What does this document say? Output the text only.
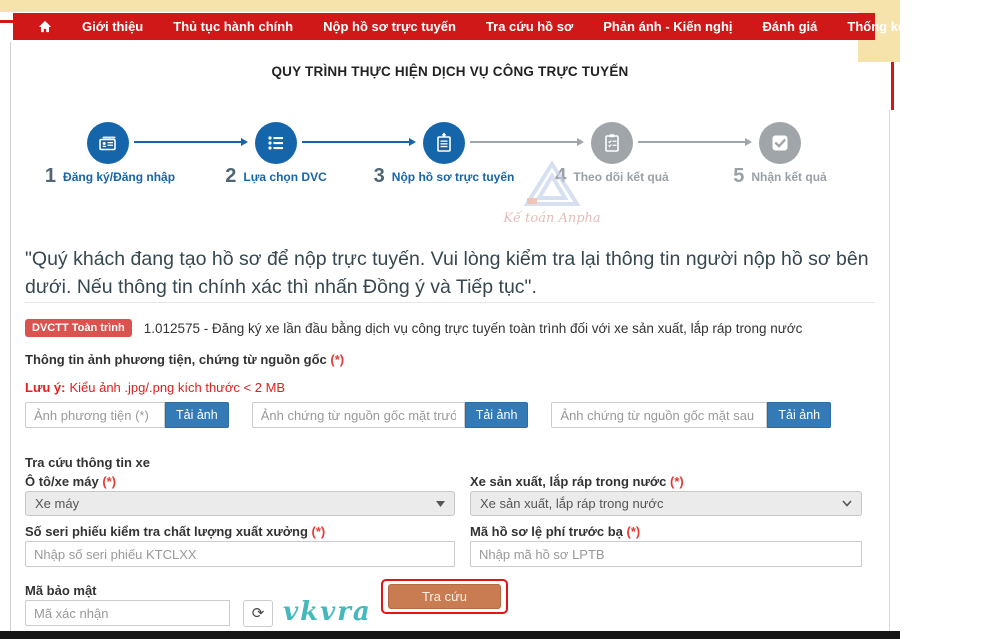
Giới thiệu	Thủ tục hành chính	Nộp hồ sơ trực tuyến	Tra cứu hồ sơ	Phản ánh - Kiến nghị	Đánh giá	Thống kê	Hỗ trợ ▼
QUY TRÌNH THỰC HIỆN DỊCH VỤ CÔNG TRỰC TUYẾN
1 Đăng ký/Đăng nhập	2 Lựa chọn DVC 3 Nộp hồ sơ trực tuyến 4 Theo dõi kết quả	5 Nhận kết quả
Kế toán Anpha
"Quý khách đang tạo hồ sơ để nộp trực tuyến. Vui lòng kiểm tra lại thông tin người nộp hồ sơ bên dưới. Nếu thông tin chính xác thì nhấn Đồng ý và Tiếp tục".
DVCTT Toàn trình	1.012575 - Đăng ký xe lần đầu bằng dịch vụ công trực tuyến toàn trình đối với xe sản xuất, lắp ráp trong nước
Thông tin ảnh phương tiện, chứng từ nguồn gốc (*)
Lưu ý: Kiểu ảnh .jpg/.png kích thước < 2 MB
Ảnh phương tiện (*)
Tải ảnh
Ảnh chứng từ nguồn gốc mặt trước (*)	Tải ảnh
Ảnh chứng từ nguồn gốc mặt sau (*)	Tải ảnh
Tra cứu thông tin xe
Ô tô/xe máy (*)	Xe sản xuất, lắp ráp trong nước (*)
Xe máy	Xe sản xuất, lắp ráp trong nước
Số seri phiếu kiểm tra chất lượng xuất xưởng (*)	Mã hồ sơ lệ phí trước bạ (*)
Nhập số seri phiếu KTCLXX
Nhập mã hồ sơ LPTB
Mã bảo mật
Mã xác nhận
⟳ vkvra
Tra cứu
